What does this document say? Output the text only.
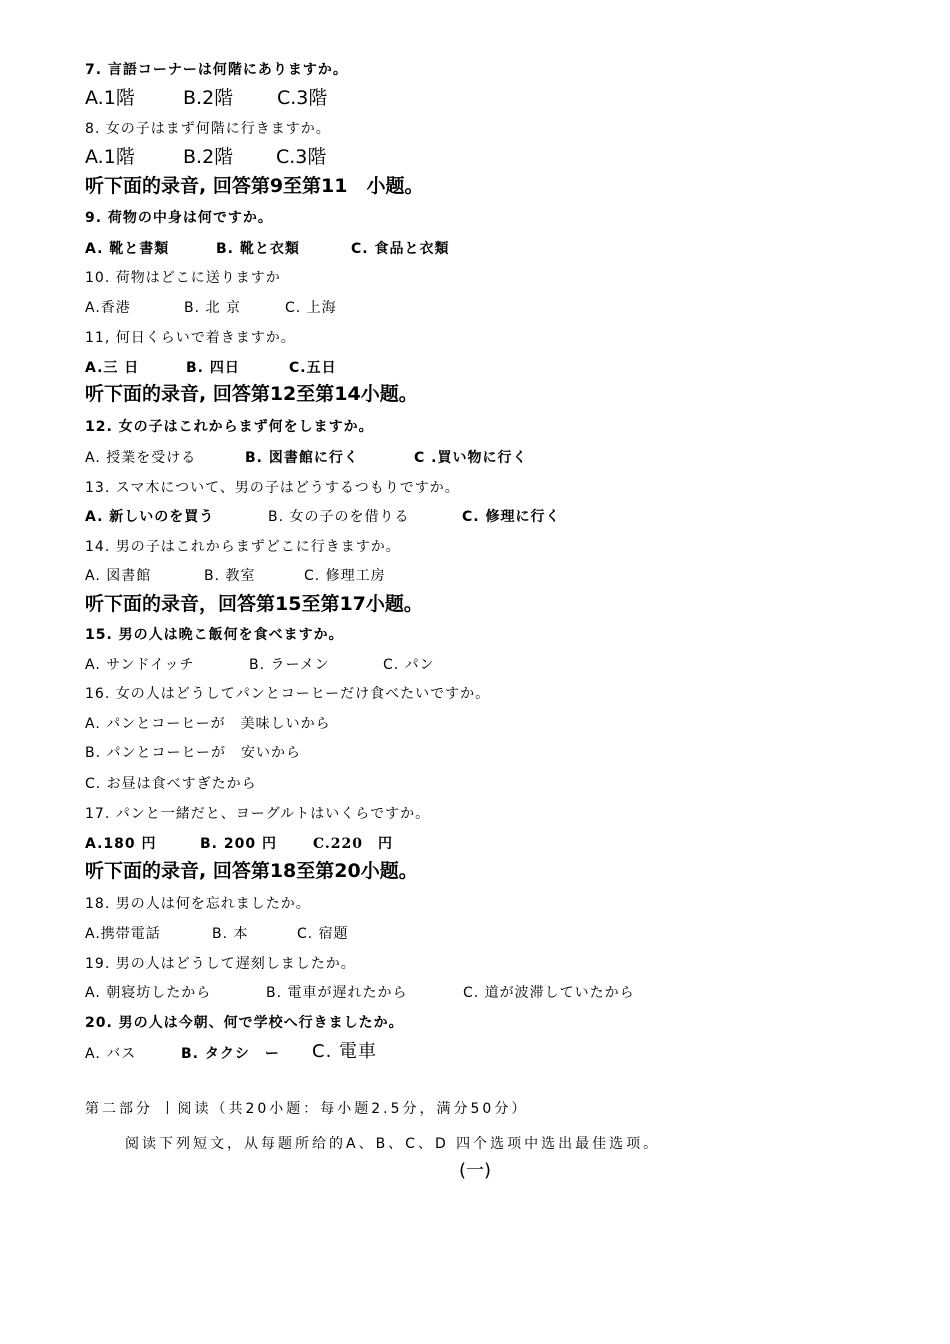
7. 言語コーナーは何階にありますか。
A.1階	B.2階 C.3階
8. 女の子はまず何階に行きますか。
A.1階	B.2階 C.3階
听下面的录音, 回答第9至第11　小题。
9. 荷物の中身は何ですか。
A. 靴と書類	B. 靴と衣類	C. 食品と衣類
10. 荷物はどこに送りますか
A.香港	B. 北 京	C. 上海
11, 何日くらいで着きますか。
A.三 日	B. 四日	C.五日
听下面的录音, 回答第12至第14小题。
12. 女の子はこれからまず何をしますか。
A. 授業を受ける	B. 図書館に行く	C .買い物に行く
13. スマ木について、男の子はどうするつもりですか。
A. 新しいのを買う	B. 女の子のを借りる	C. 修理に行く
14. 男の子はこれからまずどこに行きますか。
A. 図書館	B. 教室	C. 修理工房
听下面的录音，回答第15至第17小题。
15. 男の人は晩こ飯何を食べますか。
A. サンドイッチ	B. ラーメン	C. パン
16. 女の人はどうしてパンとコーヒーだけ食べたいですか。
A. パンとコーヒーが　美味しいから
B. パンとコーヒーが　安いから
C. お昼は食べすぎたから
17. パンと一緒だと、ヨーグルトはいくらですか。
A.180 円	B. 200 円	C.220　円
听下面的录音, 回答第18至第20小题。
18. 男の人は何を忘れましたか。
A.携帯電話	B. 本	C. 宿題
19. 男の人はどうして遅刻しましたか。
A. 朝寝坊したから	B. 電車が遅れたから	C. 道が波滞していたから
20. 男の人は今朝、何で学校へ行きましたか。
A. バス	B. タクシ　ー C. 電車
第二部分 丨阅读（共20小题：每小题2.5分，满分50分）
阅读下列短文，从每题所给的A、B、C、D 四个选项中选出最佳选项。
(一)
